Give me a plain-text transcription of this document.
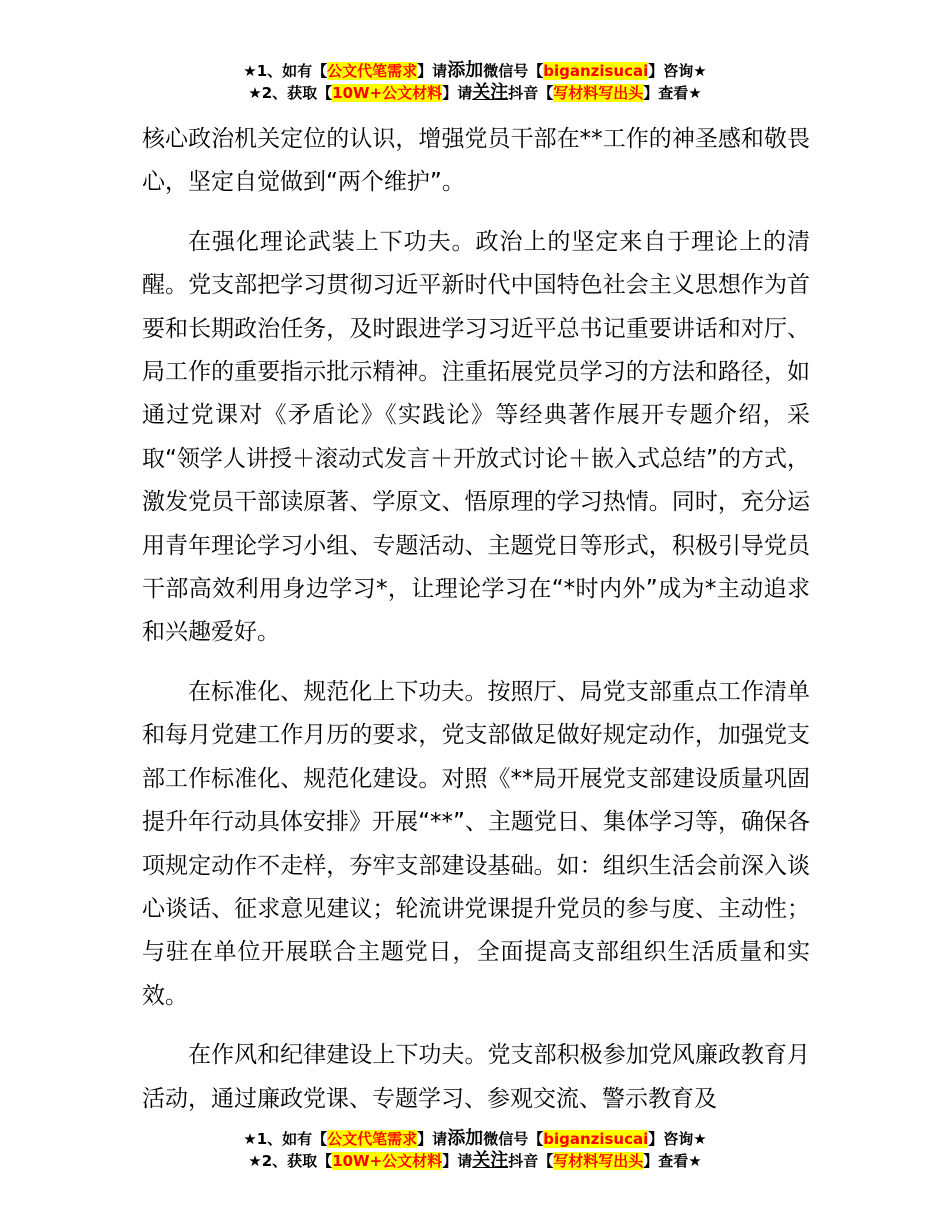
★1、如有【公文代笔需求】请添加微信号【biganzisucai】咨询★
★2、获取【10W+公文材料】请关注抖音【写材料写出头】查看★

核心政治机关定位的认识，增强党员干部在**工作的神圣感和敬畏心，坚定自觉做到“两个维护”。

在强化理论武装上下功夫。政治上的坚定来自于理论上的清醒。党支部把学习贯彻习近平新时代中国特色社会主义思想作为首要和长期政治任务，及时跟进学习习近平总书记重要讲话和对厅、局工作的重要指示批示精神。注重拓展党员学习的方法和路径，如通过党课对《矛盾论》《实践论》等经典著作展开专题介绍，采取“领学人讲授＋滚动式发言＋开放式讨论＋嵌入式总结”的方式，激发党员干部读原著、学原文、悟原理的学习热情。同时，充分运用青年理论学习小组、专题活动、主题党日等形式，积极引导党员干部高效利用身边学习*，让理论学习在“*时内外”成为*主动追求和兴趣爱好。

在标准化、规范化上下功夫。按照厅、局党支部重点工作清单和每月党建工作月历的要求，党支部做足做好规定动作，加强党支部工作标准化、规范化建设。对照《**局开展党支部建设质量巩固提升年行动具体安排》开展“**”、主题党日、集体学习等，确保各项规定动作不走样，夯牢支部建设基础。如：组织生活会前深入谈心谈话、征求意见建议；轮流讲党课提升党员的参与度、主动性；与驻在单位开展联合主题党日，全面提高支部组织生活质量和实效。

在作风和纪律建设上下功夫。党支部积极参加党风廉政教育月活动，通过廉政党课、专题学习、参观交流、警示教育及

★1、如有【公文代笔需求】请添加微信号【biganzisucai】咨询★
★2、获取【10W+公文材料】请关注抖音【写材料写出头】查看★
